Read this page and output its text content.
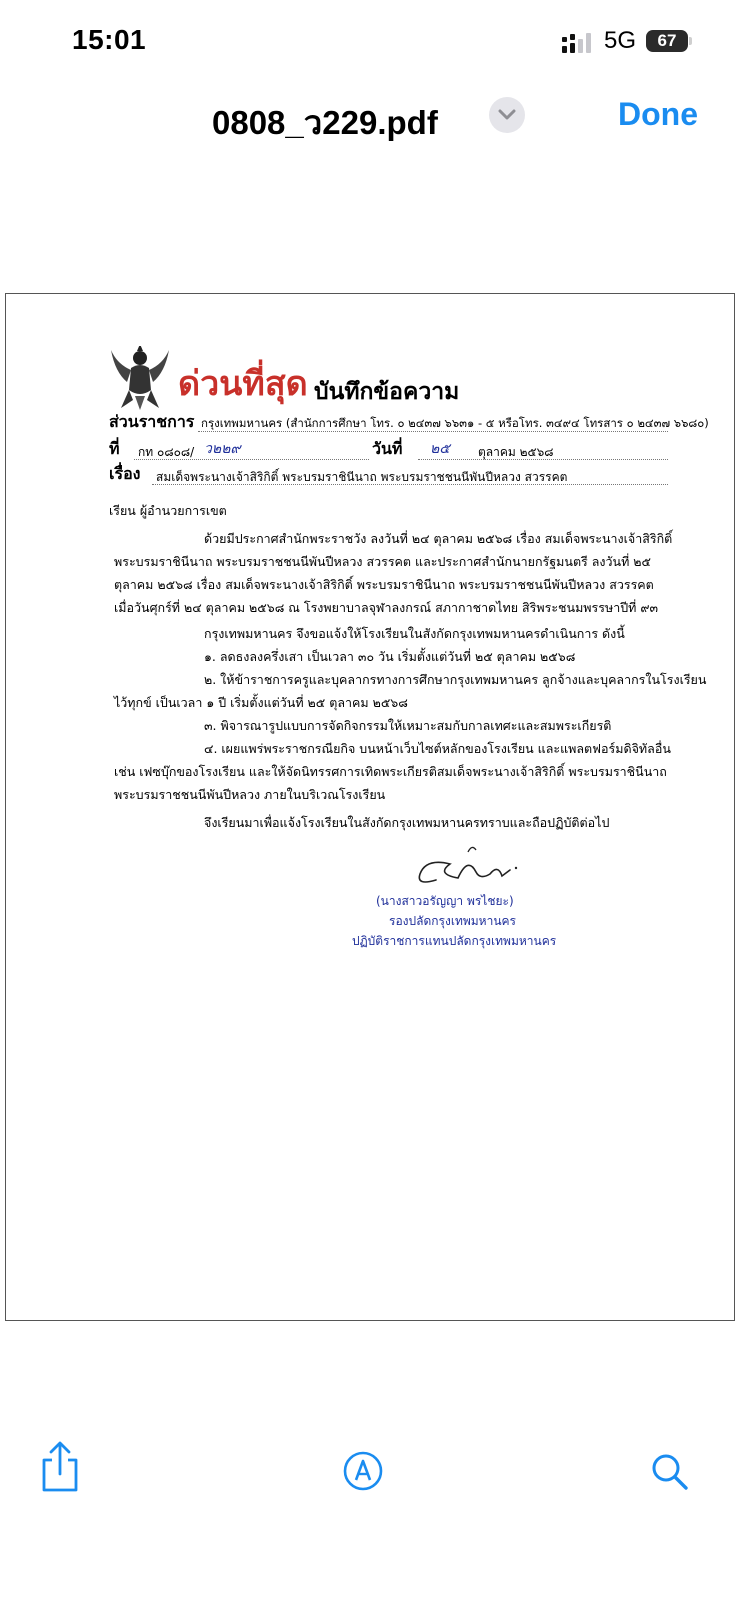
15:01	5G	67
0808_ว229.pdf	Done
ด่วนที่สุด บันทึกข้อความ
ส่วนราชการ กรุงเทพมหานคร (สำนักการศึกษา โทร. ๐ ๒๔๓๗ ๖๖๓๑ - ๕ หรือโทร. ๓๔๙๔ โทรสาร ๐ ๒๔๓๗ ๖๖๘๐)
ที่ กท ๐๘๐๘/ ว๒๒๙	วันที่ ๒๕ ตุลาคม ๒๕๖๘
เรื่อง สมเด็จพระนางเจ้าสิริกิติ์ พระบรมราชินีนาถ พระบรมราชชนนีพันปีหลวง สวรรคต
เรียน ผู้อำนวยการเขต
ด้วยมีประกาศสำนักพระราชวัง ลงวันที่ ๒๔ ตุลาคม ๒๕๖๘ เรื่อง สมเด็จพระนางเจ้าสิริกิติ์
พระบรมราชินีนาถ พระบรมราชชนนีพันปีหลวง สวรรคต และประกาศสำนักนายกรัฐมนตรี ลงวันที่ ๒๕
ตุลาคม ๒๕๖๘ เรื่อง สมเด็จพระนางเจ้าสิริกิติ์ พระบรมราชินีนาถ พระบรมราชชนนีพันปีหลวง สวรรคต
เมื่อวันศุกร์ที่ ๒๔ ตุลาคม ๒๕๖๘ ณ โรงพยาบาลจุฬาลงกรณ์ สภากาชาดไทย สิริพระชนมพรรษาปีที่ ๙๓
กรุงเทพมหานคร จึงขอแจ้งให้โรงเรียนในสังกัดกรุงเทพมหานครดำเนินการ ดังนี้
๑. ลดธงลงครึ่งเสา เป็นเวลา ๓๐ วัน เริ่มตั้งแต่วันที่ ๒๕ ตุลาคม ๒๕๖๘
๒. ให้ข้าราชการครูและบุคลากรทางการศึกษากรุงเทพมหานคร ลูกจ้างและบุคลากรในโรงเรียน
ไว้ทุกข์ เป็นเวลา ๑ ปี เริ่มตั้งแต่วันที่ ๒๕ ตุลาคม ๒๕๖๘
๓. พิจารณารูปแบบการจัดกิจกรรมให้เหมาะสมกับกาลเทศะและสมพระเกียรติ
๔. เผยแพร่พระราชกรณียกิจ บนหน้าเว็บไซต์หลักของโรงเรียน และแพลตฟอร์มดิจิทัลอื่น
เช่น เฟซบุ๊กของโรงเรียน และให้จัดนิทรรศการเทิดพระเกียรติสมเด็จพระนางเจ้าสิริกิติ์ พระบรมราชินีนาถ
พระบรมราชชนนีพันปีหลวง ภายในบริเวณโรงเรียน
จึงเรียนมาเพื่อแจ้งโรงเรียนในสังกัดกรุงเทพมหานครทราบและถือปฏิบัติต่อไป
(นางสาวอรัญญา พรไชยะ)
รองปลัดกรุงเทพมหานคร
ปฏิบัติราชการแทนปลัดกรุงเทพมหานคร
